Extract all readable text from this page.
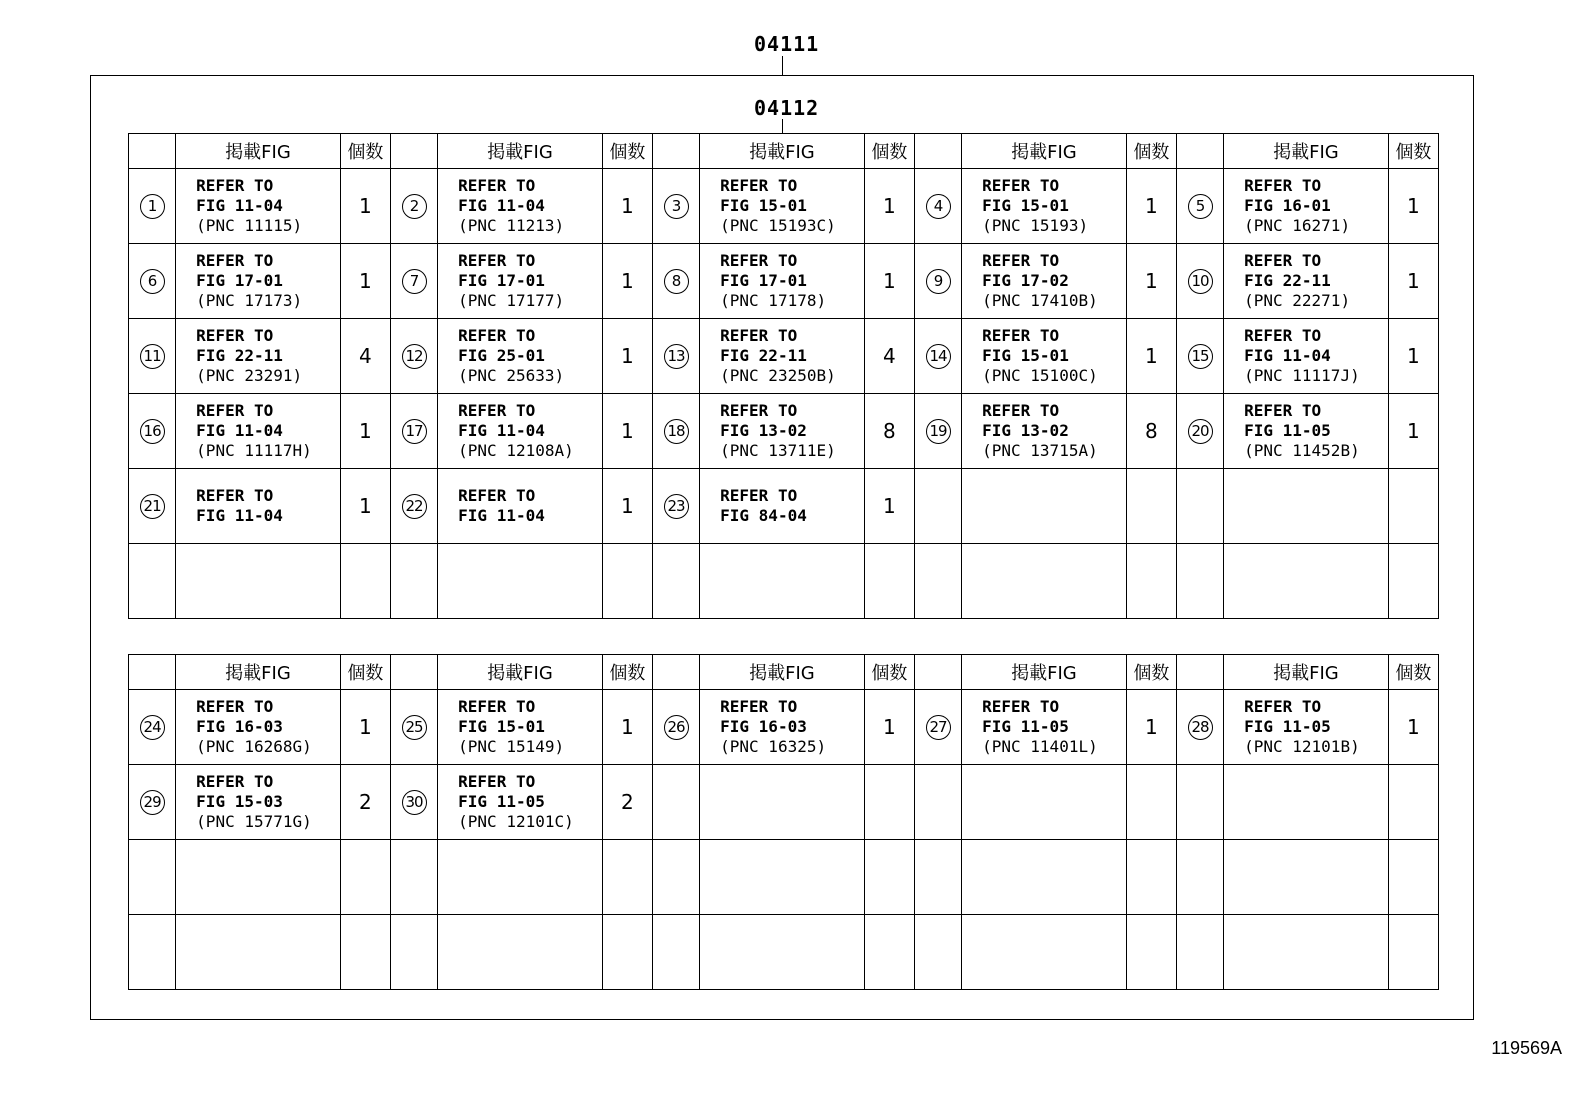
04111
04112
	掲載FIG	個数		掲載FIG	個数		掲載FIG	個数		掲載FIG	個数		掲載FIG	個数
1	REFER TO
FIG 11-04
(PNC 11115)	1	2	REFER TO
FIG 11-04
(PNC 11213)	1	3	REFER TO
FIG 15-01
(PNC 15193C)	1	4	REFER TO
FIG 15-01
(PNC 15193)	1	5	REFER TO
FIG 16-01
(PNC 16271)	1
6	REFER TO
FIG 17-01
(PNC 17173)	1	7	REFER TO
FIG 17-01
(PNC 17177)	1	8	REFER TO
FIG 17-01
(PNC 17178)	1	9	REFER TO
FIG 17-02
(PNC 17410B)	1	10	REFER TO
FIG 22-11
(PNC 22271)	1
11	REFER TO
FIG 22-11
(PNC 23291)	4	12	REFER TO
FIG 25-01
(PNC 25633)	1	13	REFER TO
FIG 22-11
(PNC 23250B)	4	14	REFER TO
FIG 15-01
(PNC 15100C)	1	15	REFER TO
FIG 11-04
(PNC 11117J)	1
16	REFER TO
FIG 11-04
(PNC 11117H)	1	17	REFER TO
FIG 11-04
(PNC 12108A)	1	18	REFER TO
FIG 13-02
(PNC 13711E)	8	19	REFER TO
FIG 13-02
(PNC 13715A)	8	20	REFER TO
FIG 11-05
(PNC 11452B)	1
21	REFER TO
FIG 11-04	1	22	REFER TO
FIG 11-04	1	23	REFER TO
FIG 84-04	1						

	掲載FIG	個数		掲載FIG	個数		掲載FIG	個数		掲載FIG	個数		掲載FIG	個数
24	REFER TO
FIG 16-03
(PNC 16268G)	1	25	REFER TO
FIG 15-01
(PNC 15149)	1	26	REFER TO
FIG 16-03
(PNC 16325)	1	27	REFER TO
FIG 11-05
(PNC 11401L)	1	28	REFER TO
FIG 11-05
(PNC 12101B)	1
29	REFER TO
FIG 15-03
(PNC 15771G)	2	30	REFER TO
FIG 11-05
(PNC 12101C)	2									

119569A
